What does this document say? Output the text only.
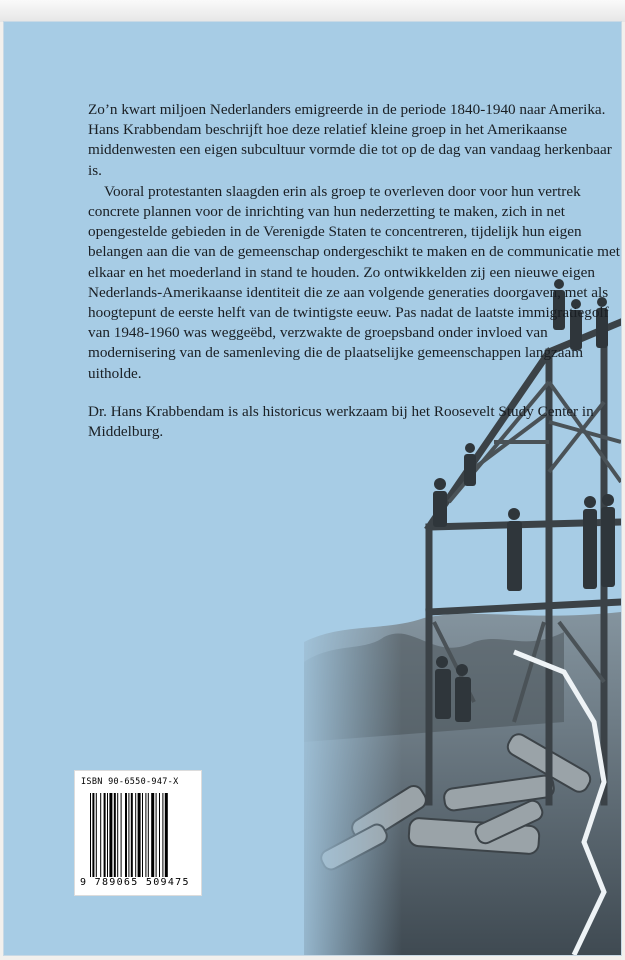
Zo’n kwart miljoen Nederlanders emigreerde in de periode 1840-1940 naar Amerika. Hans Krabbendam beschrijft hoe deze relatief kleine groep in het Amerikaanse middenwesten een eigen subcultuur vormde die tot op de dag van vandaag herkenbaar is.

Vooral protestanten slaagden erin als groep te overleven door voor hun vertrek concrete plannen voor de inrichting van hun nederzetting te maken, zich in net opengestelde gebieden in de Verenigde Staten te concentreren, tijdelijk hun eigen belangen aan die van de gemeenschap ondergeschikt te maken en de communicatie met elkaar en het moederland in stand te houden. Zo ontwikkelden zij een nieuwe eigen Nederlands-Amerikaanse identiteit die ze aan volgende generaties doorgaven, met als hoogtepunt de eerste helft van de twintigste eeuw. Pas nadat de laatste immigratiegolf van 1948-1960 was weggeëbd, verzwakte de groepsband onder invloed van modernisering van de samenleving die de plaatselijke gemeenschappen langzaam uitholde.

Dr. Hans Krabbendam is als historicus werkzaam bij het Roosevelt Study Center in Middelburg.

ISBN 90-6550-947-X
9 789065 509475
